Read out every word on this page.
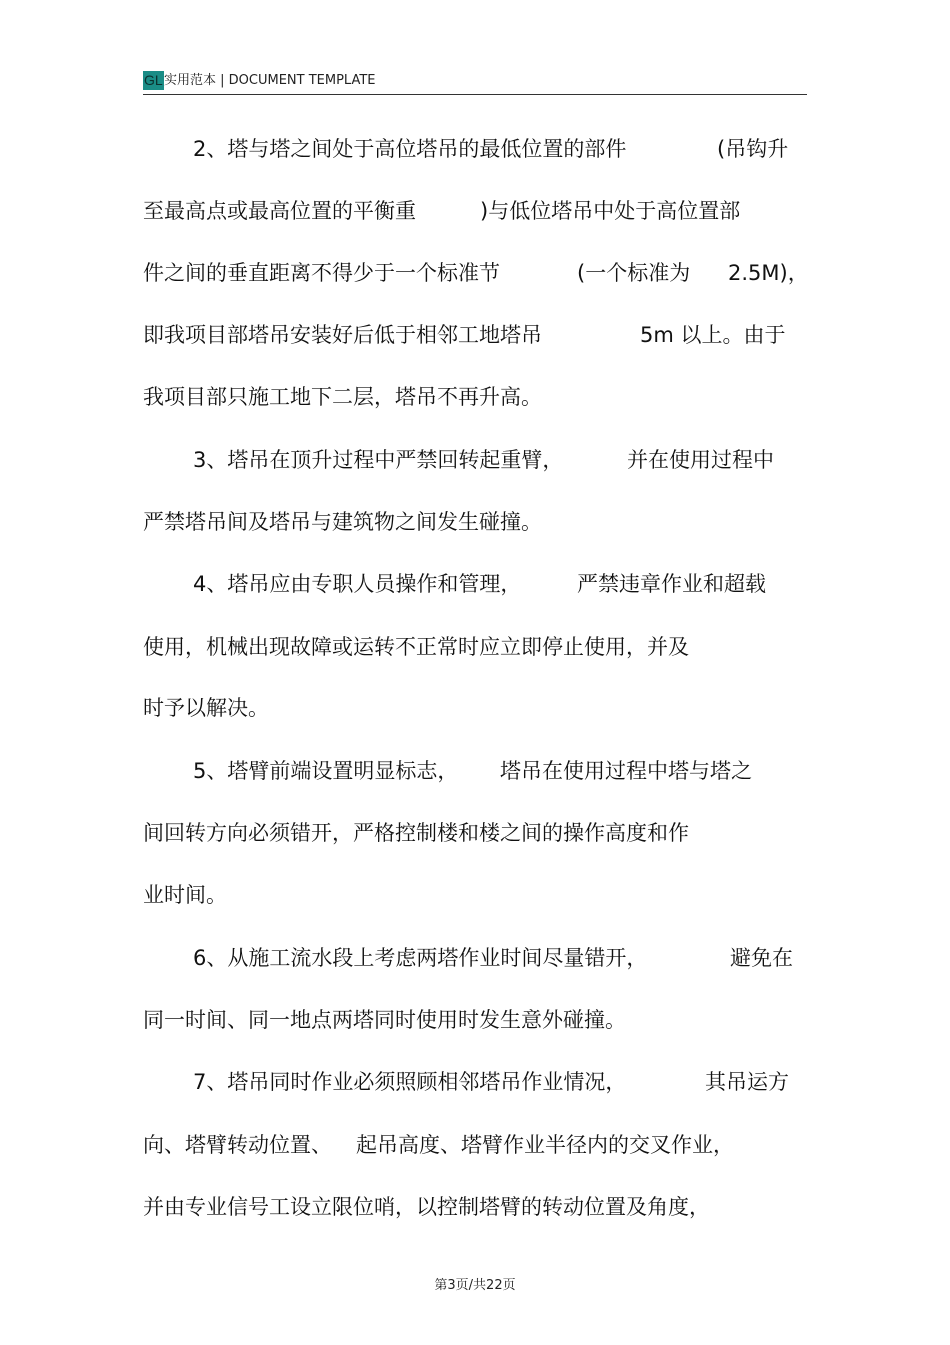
GL 实用范本 | DOCUMENT TEMPLATE
2、塔与塔之间处于高位塔吊的最低位置的部件	(吊钩升
至最高点或最高位置的平衡重	)与低位塔吊中处于高位置部
件之间的垂直距离不得少于一个标准节	(一个标准为 2.5M)，
即我项目部塔吊安装好后低于相邻工地塔吊	5m 以上。由于
我项目部只施工地下二层，塔吊不再升高。
3、塔吊在顶升过程中严禁回转起重臂，	并在使用过程中
严禁塔吊间及塔吊与建筑物之间发生碰撞。
4、塔吊应由专职人员操作和管理，	严禁违章作业和超载
使用，机械出现故障或运转不正常时应立即停止使用，并及
时予以解决。
5、塔臂前端设置明显标志， 塔吊在使用过程中塔与塔之
间回转方向必须错开，严格控制楼和楼之间的操作高度和作
业时间。
6、从施工流水段上考虑两塔作业时间尽量错开，	避免在
同一时间、同一地点两塔同时使用时发生意外碰撞。
7、塔吊同时作业必须照顾相邻塔吊作业情况，	其吊运方
向、塔臂转动位置、 起吊高度、塔臂作业半径内的交叉作业，
并由专业信号工设立限位哨，以控制塔臂的转动位置及角度，
第3页/共22页
